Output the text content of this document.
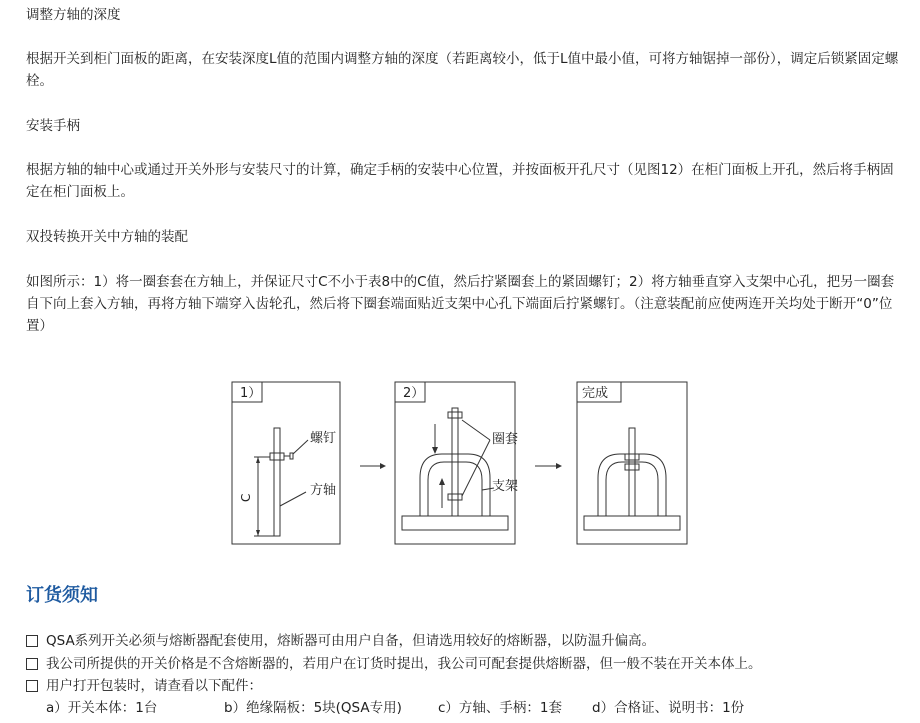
调整方轴的深度

根据开关到柜门面板的距离，在安装深度L值的范围内调整方轴的深度（若距离较小，低于L值中最小值，可将方轴锯掉一部份），调定后锁紧固定螺栓。

安装手柄

根据方轴的轴中心或通过开关外形与安装尺寸的计算，确定手柄的安装中心位置，并按面板开孔尺寸（见图12）在柜门面板上开孔，然后将手柄固定在柜门面板上。

双投转换开关中方轴的装配

如图所示：1）将一圈套套在方轴上，并保证尺寸C不小于表8中的C值，然后拧紧圈套上的紧固螺钉；2）将方轴垂直穿入支架中心孔，把另一圈套自下向上套入方轴，再将方轴下端穿入齿轮孔，然后将下圈套端面贴近支架中心孔下端面后拧紧螺钉。（注意装配前应使两连开关均处于断开“0”位置）

1）
螺钉
方轴
C
2）
圈套
支架
完成
订货须知
QSA系列开关必须与熔断器配套使用，熔断器可由用户自备，但请选用较好的熔断器，以防温升偏高。
我公司所提供的开关价格是不含熔断器的，若用户在订货时提出，我公司可配套提供熔断器，但一般不装在开关本体上。
用户打开包装时，请查看以下配件：
a）开关本体：1台	b）绝缘隔板：5块(QSA专用)	c）方轴、手柄：1套 d）合格证、说明书：1份
